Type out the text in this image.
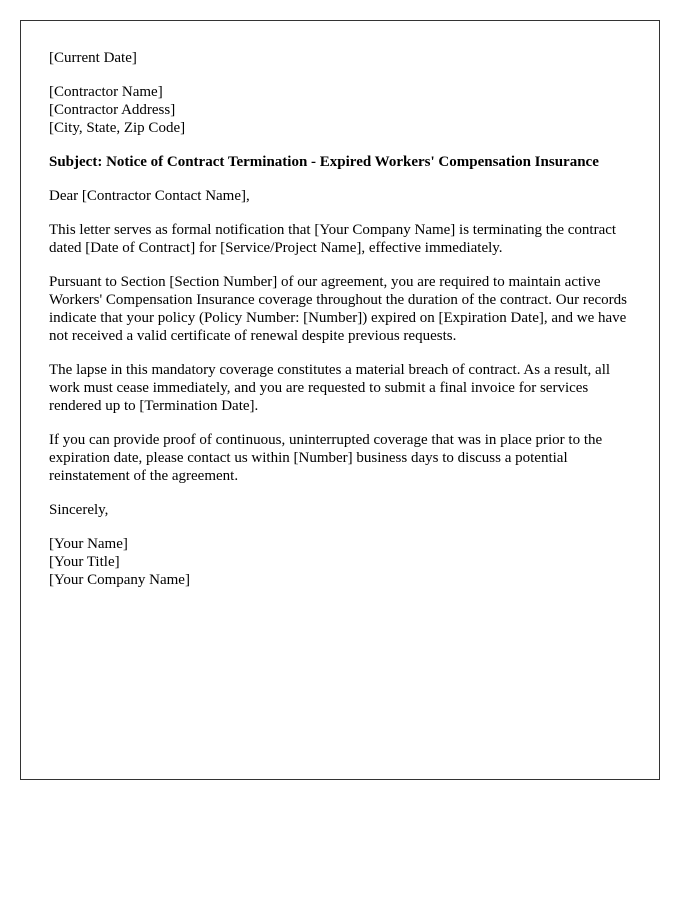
[Current Date]

[Contractor Name]
[Contractor Address]
[City, State, Zip Code]

Subject: Notice of Contract Termination - Expired Workers' Compensation Insurance

Dear [Contractor Contact Name],

This letter serves as formal notification that [Your Company Name] is terminating the contract dated [Date of Contract] for [Service/Project Name], effective immediately.

Pursuant to Section [Section Number] of our agreement, you are required to maintain active Workers' Compensation Insurance coverage throughout the duration of the contract. Our records indicate that your policy (Policy Number: [Number]) expired on [Expiration Date], and we have not received a valid certificate of renewal despite previous requests.

The lapse in this mandatory coverage constitutes a material breach of contract. As a result, all work must cease immediately, and you are requested to submit a final invoice for services rendered up to [Termination Date].

If you can provide proof of continuous, uninterrupted coverage that was in place prior to the expiration date, please contact us within [Number] business days to discuss a potential reinstatement of the agreement.

Sincerely,

[Your Name]
[Your Title]
[Your Company Name]
